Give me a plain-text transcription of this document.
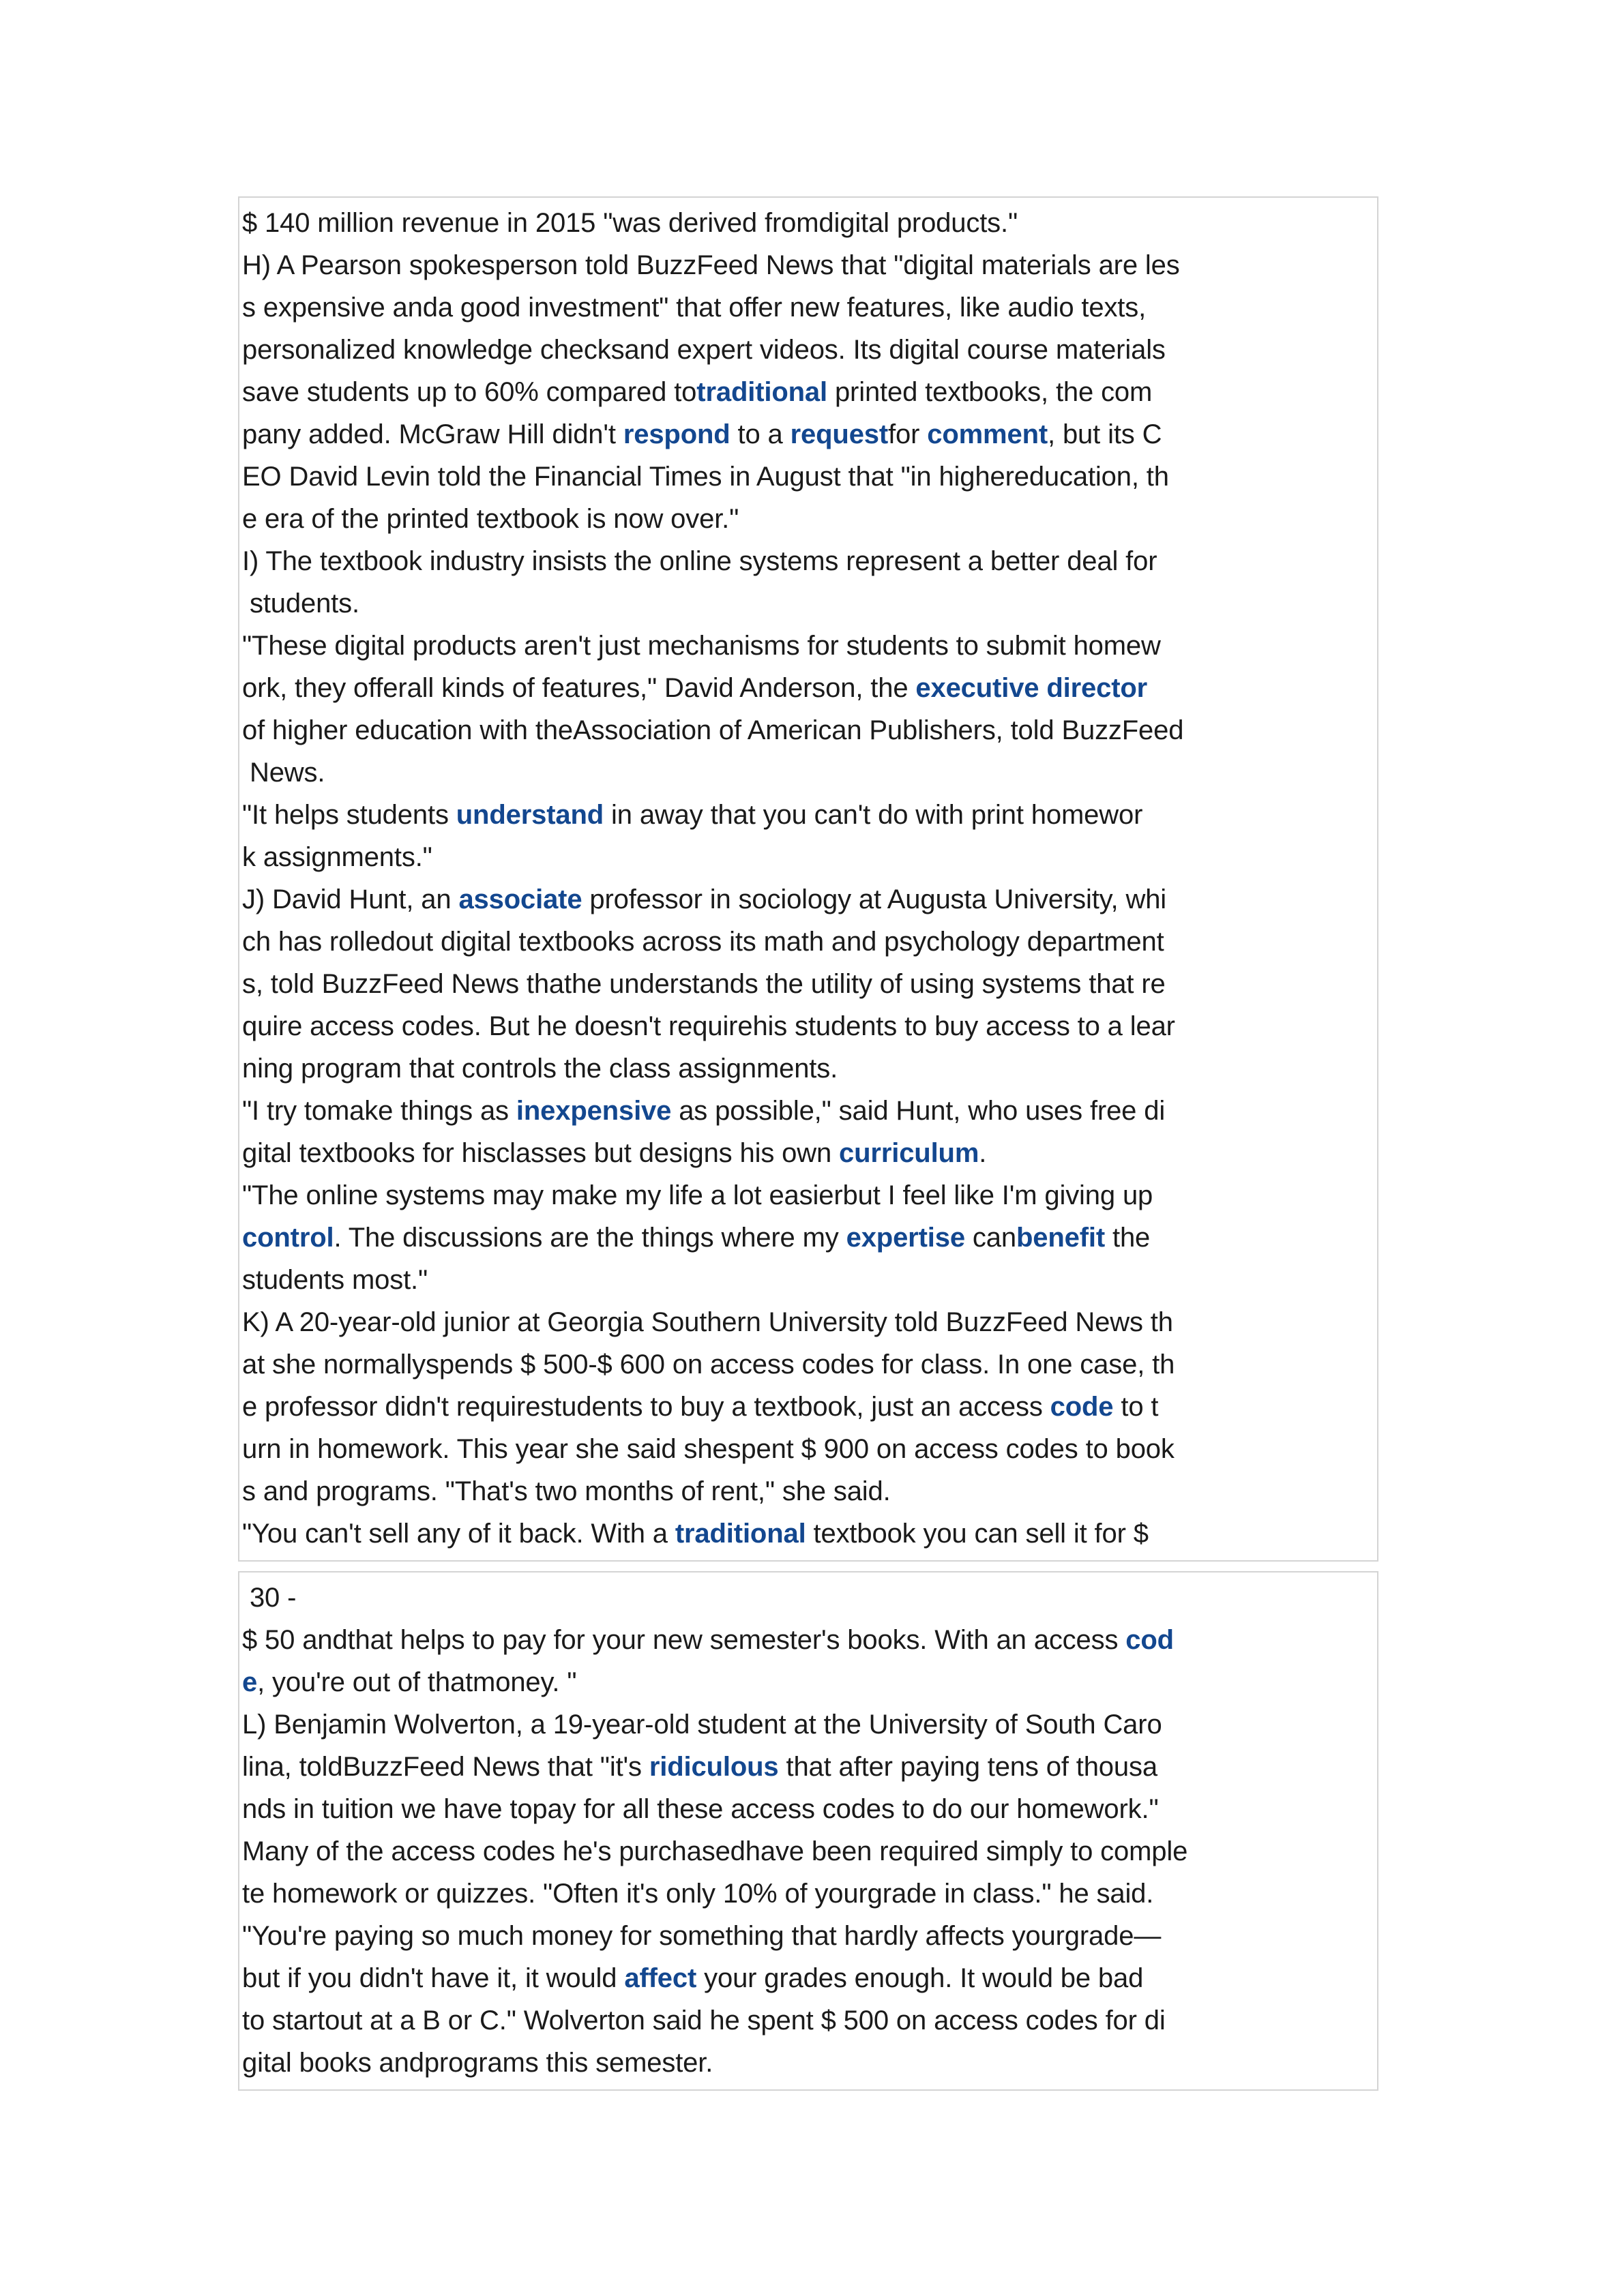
$ 140 million revenue in 2015 "was derived fromdigital products."
H) A Pearson spokesperson told BuzzFeed News that "digital materials are les
s expensive anda good investment" that offer new features, like audio texts,
personalized knowledge checksand expert videos. Its digital course materials
save students up to 60% compared totraditional printed textbooks, the com
pany added. McGraw Hill didn't respond to a requestfor comment, but its C
EO David Levin told the Financial Times in August that "in highereducation, th
e era of the printed textbook is now over."
I) The textbook industry insists the online systems represent a better deal for
students.
"These digital products aren't just mechanisms for students to submit homew
ork, they offerall kinds of features," David Anderson, the executive director
of higher education with theAssociation of American Publishers, told BuzzFeed
News.
"It helps students understand in away that you can't do with print homewor
k assignments."
J) David Hunt, an associate professor in sociology at Augusta University, whi
ch has rolledout digital textbooks across its math and psychology department
s, told BuzzFeed News thathe understands the utility of using systems that re
quire access codes. But he doesn't requirehis students to buy access to a lear
ning program that controls the class assignments.
"I try tomake things as inexpensive as possible," said Hunt, who uses free di
gital textbooks for hisclasses but designs his own curriculum.
"The online systems may make my life a lot easierbut I feel like I'm giving up
control. The discussions are the things where my expertise canbenefit the
students most."
K) A 20-year-old junior at Georgia Southern University told BuzzFeed News th
at she normallyspends $ 500-$ 600 on access codes for class. In one case, th
e professor didn't requirestudents to buy a textbook, just an access code to t
urn in homework. This year she said shespent $ 900 on access codes to book
s and programs. "That's two months of rent," she said.
"You can't sell any of it back. With a traditional textbook you can sell it for $
30 -
$ 50 andthat helps to pay for your new semester's books. With an access cod
e, you're out of thatmoney. "
L) Benjamin Wolverton, a 19-year-old student at the University of South Caro
lina, toldBuzzFeed News that "it's ridiculous that after paying tens of thousa
nds in tuition we have topay for all these access codes to do our homework."
Many of the access codes he's purchasedhave been required simply to comple
te homework or quizzes. "Often it's only 10% of yourgrade in class." he said.
"You're paying so much money for something that hardly affects yourgrade—
but if you didn't have it, it would affect your grades enough. It would be bad
to startout at a B or C." Wolverton said he spent $ 500 on access codes for di
gital books andprograms this semester.
